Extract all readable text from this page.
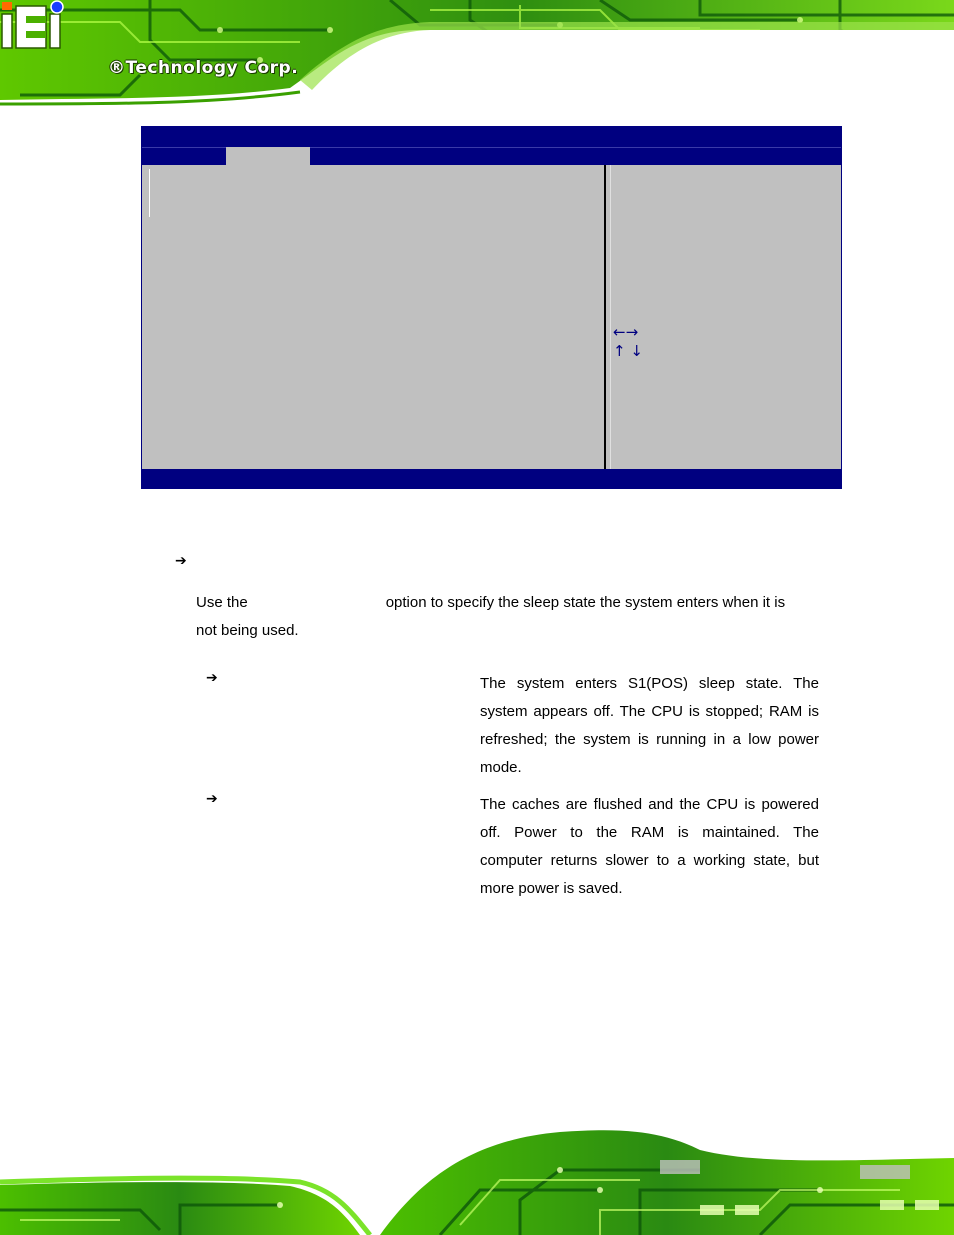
®Technology Corp.
←→
↑ ↓
➔
Use the	option to specify the sleep state the system enters when it is
not being used.
➔	The system enters S1(POS) sleep state. The system appears off. The CPU is stopped; RAM is refreshed; the system is running in a low power mode.
➔	The caches are flushed and the CPU is powered off. Power to the RAM is maintained. The computer returns slower to a working state, but more power is saved.
